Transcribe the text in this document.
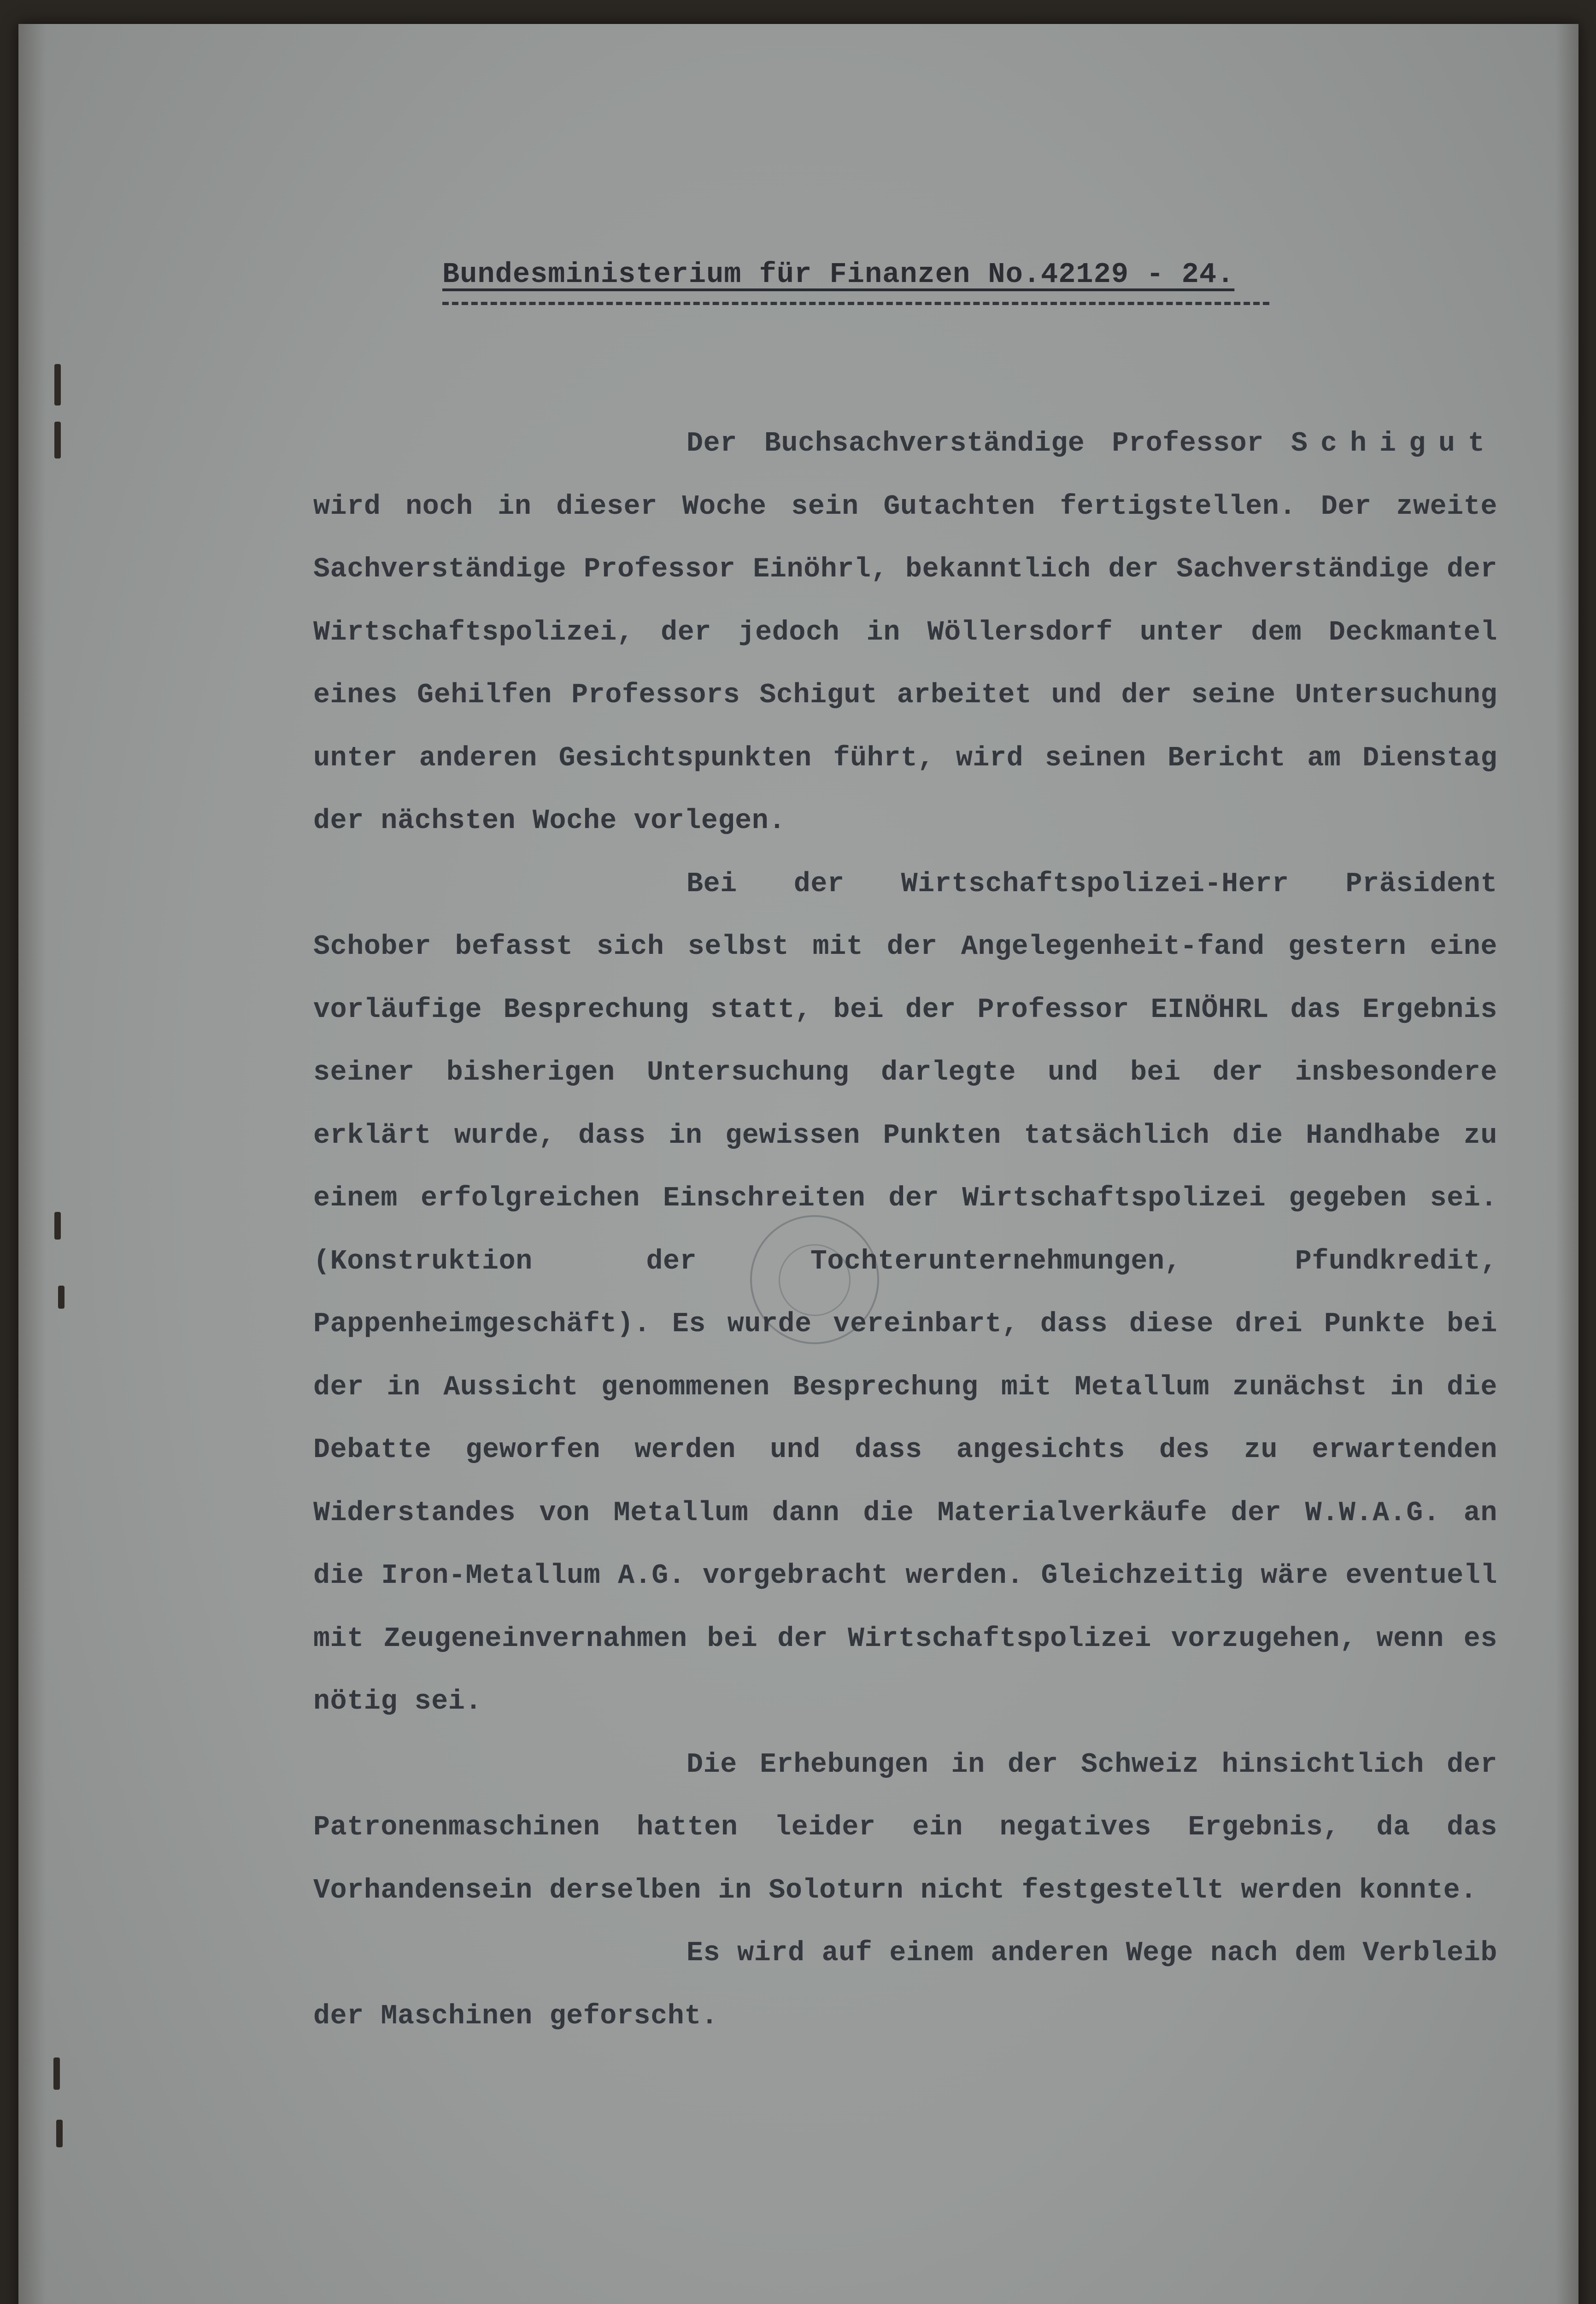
Bundesministerium für Finanzen No.42129 - 24.

Der Buchsachverständige Professor Schigut wird noch in dieser Woche sein Gutachten fertigstellen. Der zweite Sachverständige Professor Einöhrl, bekanntlich der Sachverständige der Wirtschaftspolizei, der jedoch in Wöllersdorf unter dem Deckmantel eines Gehilfen Professors Schigut arbeitet und der seine Untersuchung unter anderen Gesichtspunkten führt, wird seinen Bericht am Dienstag der nächsten Woche vorlegen.

Bei der Wirtschaftspolizei-Herr Präsident Schober befasst sich selbst mit der Angelegenheit-fand gestern eine vorläufige Besprechung statt, bei der Professor EINÖHRL das Ergebnis seiner bisherigen Untersuchung darlegte und bei der insbesondere erklärt wurde, dass in gewissen Punkten tatsächlich die Handhabe zu einem erfolgreichen Einschreiten der Wirtschaftspolizei gegeben sei. (Konstruktion der Tochterunternehmungen, Pfundkredit, Pappenheimgeschäft). Es wurde vereinbart, dass diese drei Punkte bei der in Aussicht genommenen Besprechung mit Metallum zunächst in die Debatte geworfen werden und dass angesichts des zu erwartenden Widerstandes von Metallum dann die Materialverkäufe der W.W.A.G. an die Iron-Metallum A.G. vorgebracht werden. Gleichzeitig wäre eventuell mit Zeugeneinvernahmen bei der Wirtschaftspolizei vorzugehen, wenn es nötig sei.

Die Erhebungen in der Schweiz hinsichtlich der Patronenmaschinen hatten leider ein negatives Ergebnis, da das Vorhandensein derselben in Soloturn nicht festgestellt werden konnte.

Es wird auf einem anderen Wege nach dem Verbleib der Maschinen geforscht.
